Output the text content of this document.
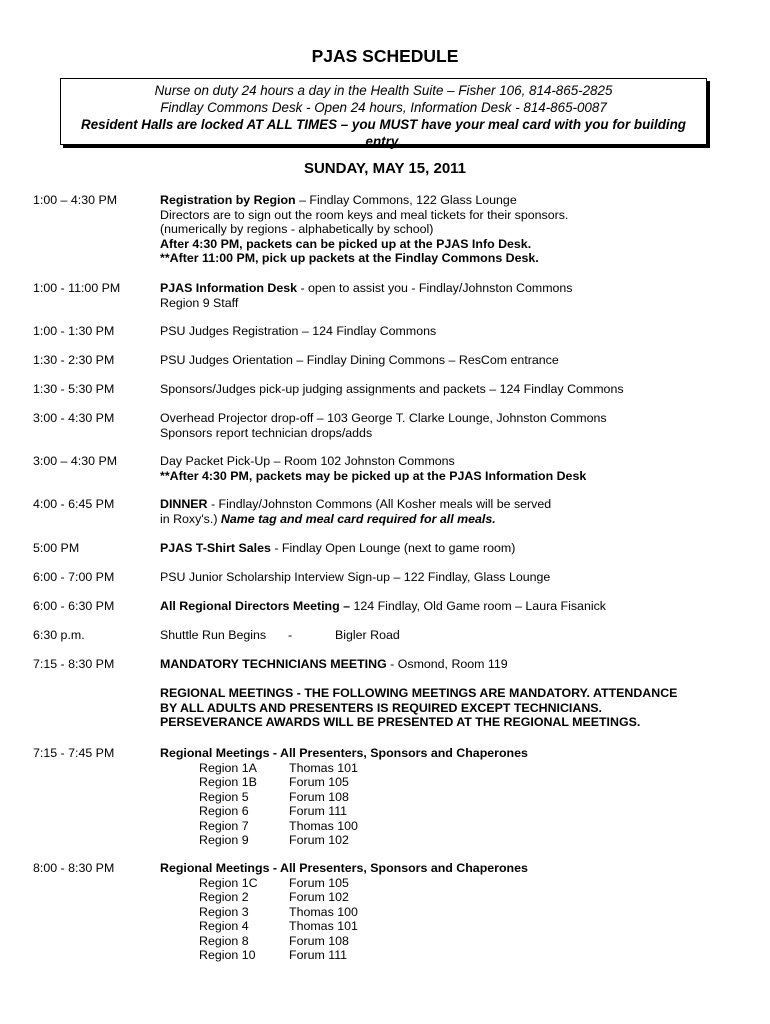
PJAS SCHEDULE
Nurse on duty 24 hours a day in the Health Suite – Fisher 106, 814-865-2825
Findlay Commons Desk - Open 24 hours, Information Desk - 814-865-0087
Resident Halls are locked AT ALL TIMES – you MUST have your meal card with you for building
entry.
SUNDAY, MAY 15, 2011
1:00 – 4:30 PM	Registration by Region – Findlay Commons, 122 Glass Lounge
Directors are to sign out the room keys and meal tickets for their sponsors.
(numerically by regions - alphabetically by school)
After 4:30 PM, packets can be picked up at the PJAS Info Desk.
**After 11:00 PM, pick up packets at the Findlay Commons Desk.
1:00 - 11:00 PM	PJAS Information Desk - open to assist you - Findlay/Johnston Commons
Region 9 Staff
1:00 - 1:30 PM	PSU Judges Registration – 124 Findlay Commons
1:30 - 2:30 PM	PSU Judges Orientation – Findlay Dining Commons – ResCom entrance
1:30 - 5:30 PM	Sponsors/Judges pick-up judging assignments and packets – 124 Findlay Commons
3:00 - 4:30 PM	Overhead Projector drop-off – 103 George T. Clarke Lounge, Johnston Commons
Sponsors report technician drops/adds
3:00 – 4:30 PM	Day Packet Pick-Up – Room 102 Johnston Commons
**After 4:30 PM, packets may be picked up at the PJAS Information Desk
4:00 - 6:45 PM	DINNER - Findlay/Johnston Commons (All Kosher meals will be served
in Roxy's.) Name tag and meal card required for all meals.
5:00 PM	PJAS T-Shirt Sales - Findlay Open Lounge (next to game room)
6:00 - 7:00 PM	PSU Junior Scholarship Interview Sign-up – 122 Findlay, Glass Lounge
6:00 - 6:30 PM	All Regional Directors Meeting – 124 Findlay, Old Game room – Laura Fisanick
6:30 p.m.	Shuttle Run Begins -	Bigler Road
7:15 - 8:30 PM	MANDATORY TECHNICIANS MEETING - Osmond, Room 119
REGIONAL MEETINGS - THE FOLLOWING MEETINGS ARE MANDATORY. ATTENDANCE
BY ALL ADULTS AND PRESENTERS IS REQUIRED EXCEPT TECHNICIANS.
PERSEVERANCE AWARDS WILL BE PRESENTED AT THE REGIONAL MEETINGS.
7:15 - 7:45 PM	Regional Meetings - All Presenters, Sponsors and Chaperones
Region 1A	Thomas 101
Region 1B	Forum 105
Region 5	Forum 108
Region 6	Forum 111
Region 7	Thomas 100
Region 9	Forum 102
8:00 - 8:30 PM	Regional Meetings - All Presenters, Sponsors and Chaperones
Region 1C	Forum 105
Region 2	Forum 102
Region 3	Thomas 100
Region 4	Thomas 101
Region 8	Forum 108
Region 10	Forum 111
